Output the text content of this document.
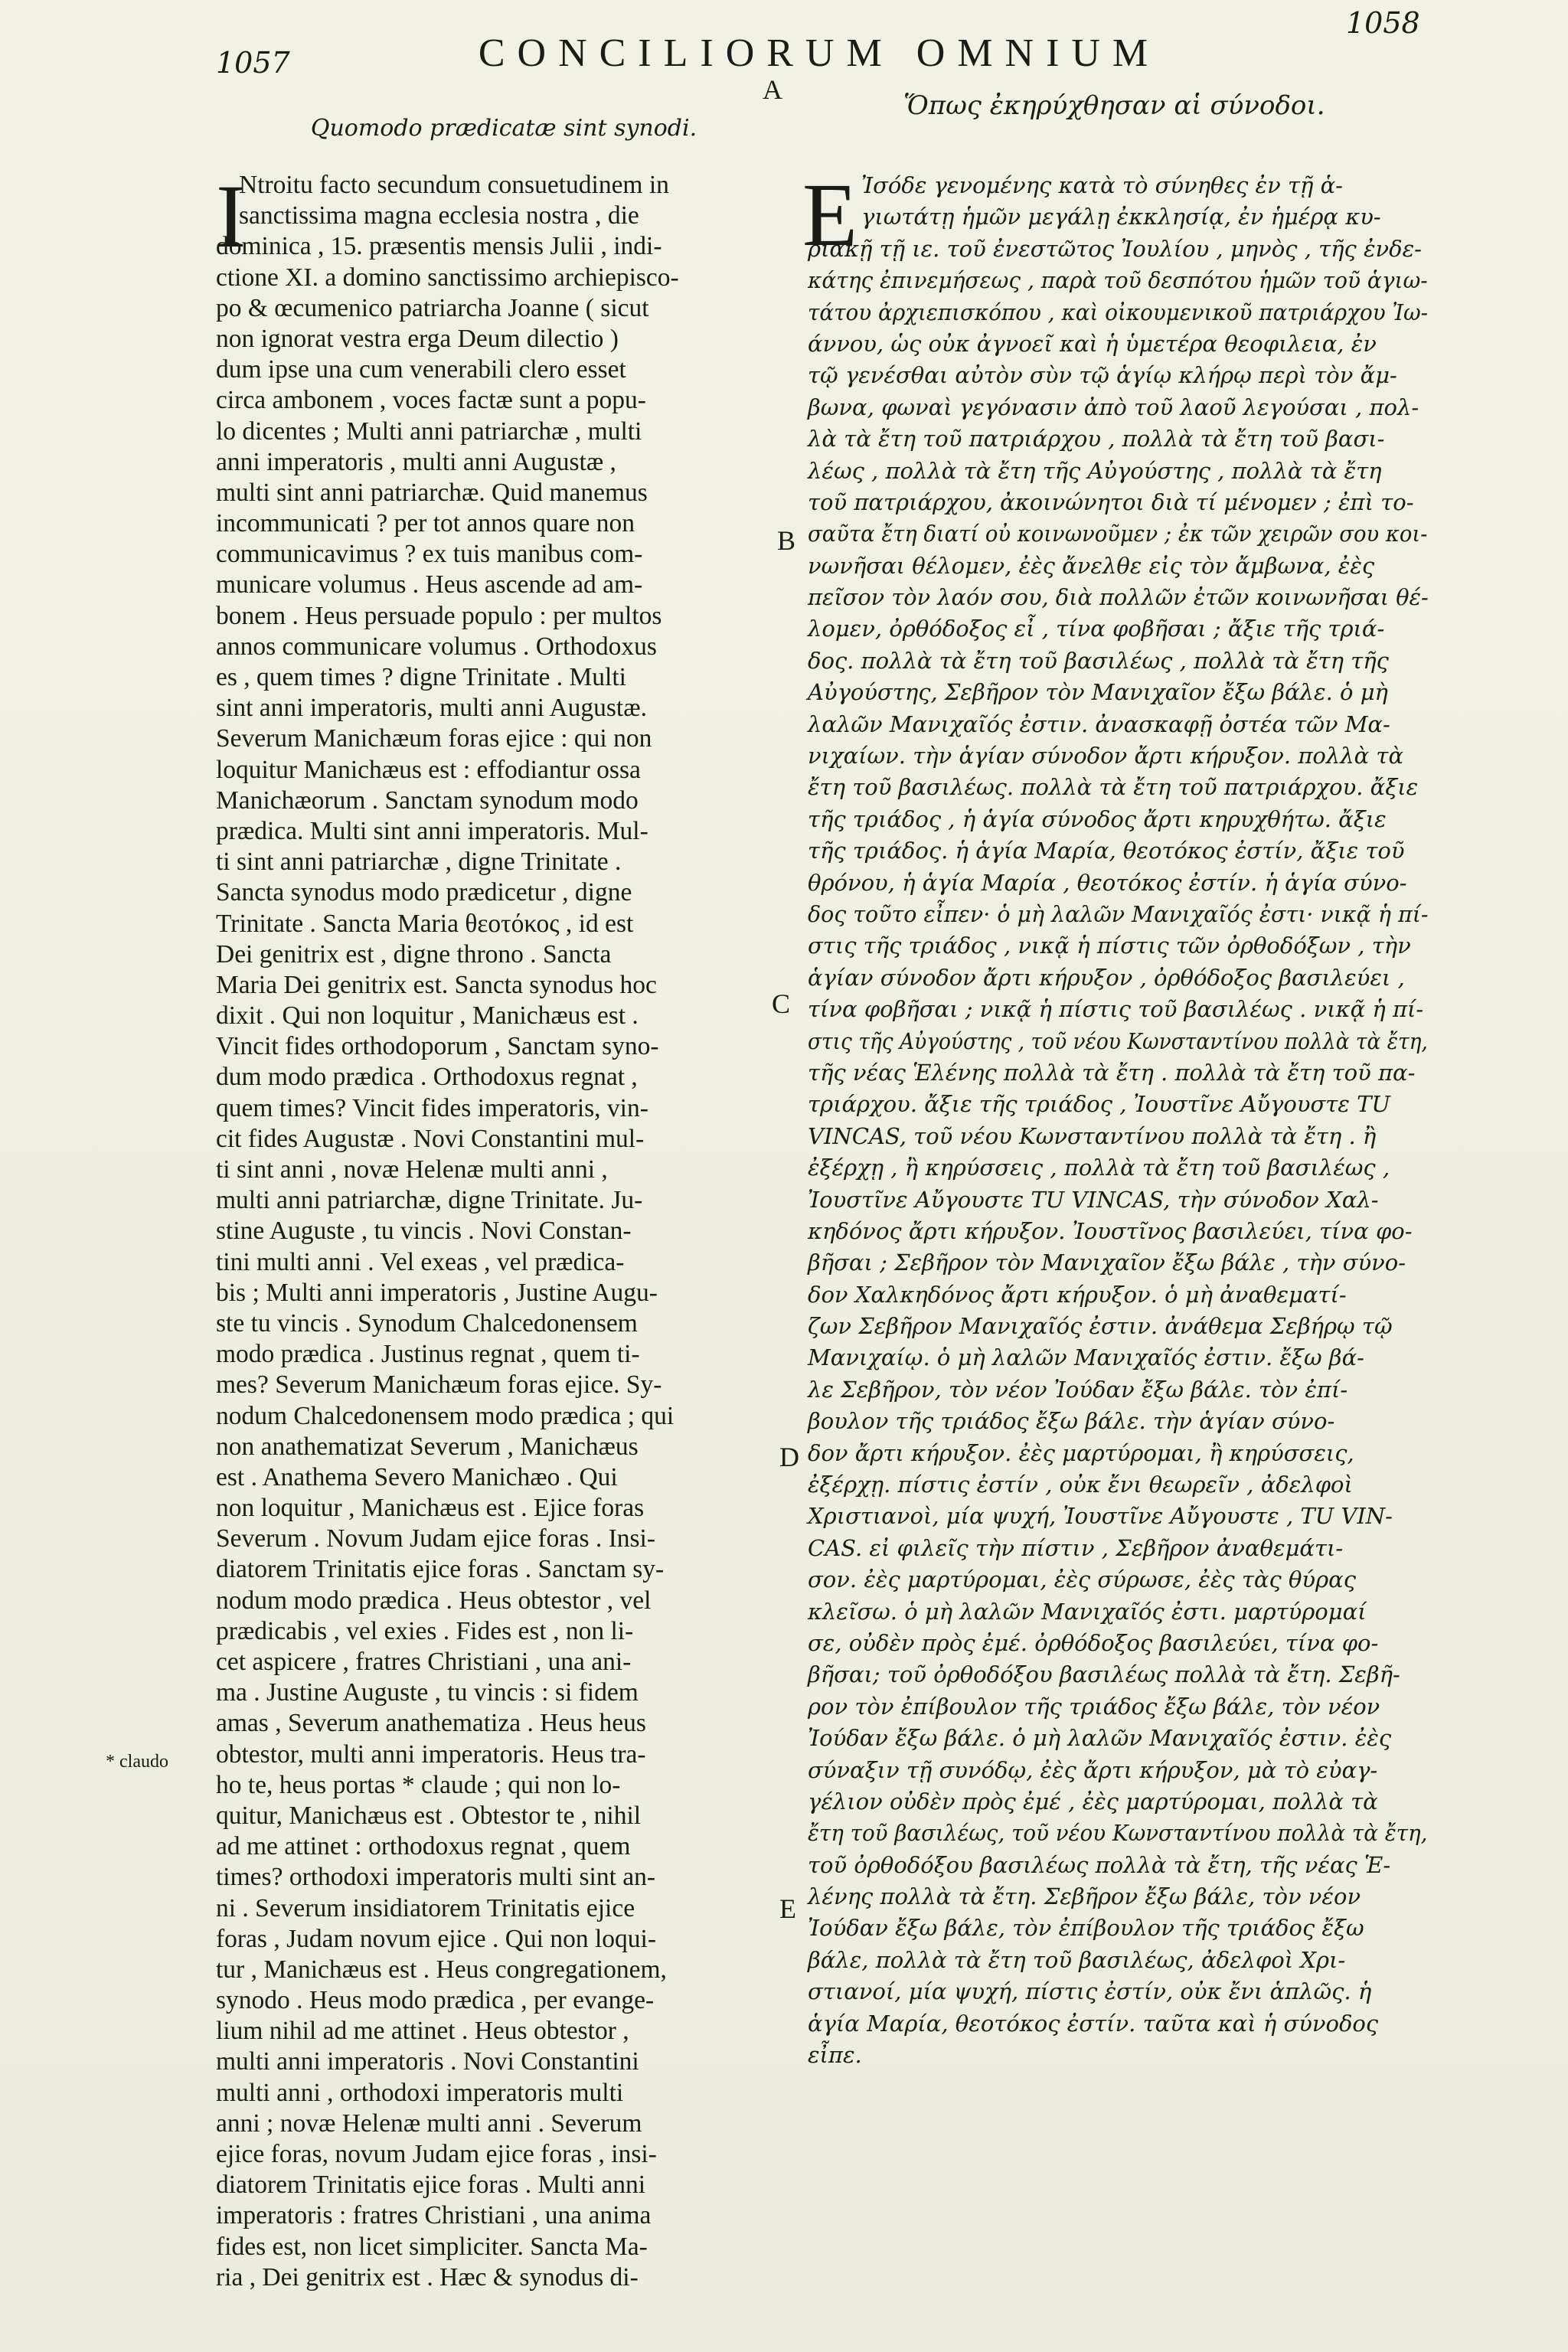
1057	CONCILIORUM OMNIUM
1058
A
Quomodo prædicatæ sint synodi.
Ὅπως ἐκηρύχθησαν αἱ σύνοδοι.
I	Ε
Ntroitu facto secundum consuetudinem in
sanctissima magna ecclesia nostra , die
dominica , 15. præsentis mensis Julii , indi-
ctione XI. a domino sanctissimo archiepisco-
po & œcumenico patriarcha Joanne ( sicut
non ignorat vestra erga Deum dilectio )
dum ipse una cum venerabili clero esset
circa ambonem , voces factæ sunt a popu-
lo dicentes ; Multi anni patriarchæ , multi
anni imperatoris , multi anni Augustæ ,
multi sint anni patriarchæ. Quid manemus
incommunicati ? per tot annos quare non
communicavimus ? ex tuis manibus com-
municare volumus . Heus ascende ad am-
bonem . Heus persuade populo : per multos
annos communicare volumus . Orthodoxus
es , quem times ? digne Trinitate . Multi
sint anni imperatoris, multi anni Augustæ.
Severum Manichæum foras ejice : qui non
loquitur Manichæus est : effodiantur ossa
Manichæorum . Sanctam synodum modo
prædica. Multi sint anni imperatoris. Mul-
ti sint anni patriarchæ , digne Trinitate .
Sancta synodus modo prædicetur , digne
Trinitate . Sancta Maria θεοτόκος , id est
Dei genitrix est , digne throno . Sancta
Maria Dei genitrix est. Sancta synodus hoc
dixit . Qui non loquitur , Manichæus est .
Vincit fides orthodoporum , Sanctam syno-
dum modo prædica . Orthodoxus regnat ,
quem times? Vincit fides imperatoris, vin-
cit fides Augustæ . Novi Constantini mul-
ti sint anni , novæ Helenæ multi anni ,
multi anni patriarchæ, digne Trinitate. Ju-
stine Auguste , tu vincis . Novi Constan-
tini multi anni . Vel exeas , vel prædica-
bis ; Multi anni imperatoris , Justine Augu-
ste tu vincis . Synodum Chalcedonensem
modo prædica . Justinus regnat , quem ti-
mes? Severum Manichæum foras ejice. Sy-
nodum Chalcedonensem modo prædica ; qui
non anathematizat Severum , Manichæus
est . Anathema Severo Manichæo . Qui
non loquitur , Manichæus est . Ejice foras
Severum . Novum Judam ejice foras . Insi-
diatorem Trinitatis ejice foras . Sanctam sy-
nodum modo prædica . Heus obtestor , vel
prædicabis , vel exies . Fides est , non li-
cet aspicere , fratres Christiani , una ani-
ma . Justine Auguste , tu vincis : si fidem
amas , Severum anathematiza . Heus heus
obtestor, multi anni imperatoris. Heus tra-
ho te, heus portas * claude ; qui non lo-
quitur, Manichæus est . Obtestor te , nihil
ad me attinet : orthodoxus regnat , quem
times? orthodoxi imperatoris multi sint an-
ni . Severum insidiatorem Trinitatis ejice
foras , Judam novum ejice . Qui non loqui-
tur , Manichæus est . Heus congregationem,
synodo . Heus modo prædica , per evange-
lium nihil ad me attinet . Heus obtestor ,
multi anni imperatoris . Novi Constantini
multi anni , orthodoxi imperatoris multi
anni ; novæ Helenæ multi anni . Severum
ejice foras, novum Judam ejice foras , insi-
diatorem Trinitatis ejice foras . Multi anni
imperatoris : fratres Christiani , una anima
fides est, non licet simpliciter. Sancta Ma-
ria , Dei genitrix est . Hæc & synodus di-
Ἰσόδε γενομένης κατὰ τὸ σύνηθες ἐν τῇ ἁ-
γιωτάτῃ ἡμῶν μεγάλῃ ἐκκλησίᾳ, ἐν ἡμέρᾳ κυ-
ριακῇ τῇ ιε. τοῦ ἐνεστῶτος Ἰουλίου , μηνὸς , τῆς ἐνδε-
κάτης ἐπινεμήσεως , παρὰ τοῦ δεσπότου ἡμῶν τοῦ ἁγιω-
τάτου ἀρχιεπισκόπου , καὶ οἰκουμενικοῦ πατριάρχου Ἰω-
άννου, ὡς οὐκ ἀγνοεῖ καὶ ἡ ὑμετέρα θεοφιλεια, ἐν
τῷ γενέσθαι αὐτὸν σὺν τῷ ἁγίῳ κλήρῳ περὶ τὸν ἄμ-
βωνα, φωναὶ γεγόνασιν ἀπὸ τοῦ λαοῦ λεγούσαι , πολ-
λὰ τὰ ἔτη τοῦ πατριάρχου , πολλὰ τὰ ἔτη τοῦ βασι-
λέως , πολλὰ τὰ ἔτη τῆς Αὐγούστης , πολλὰ τὰ ἔτη
τοῦ πατριάρχου, ἀκοινώνητοι διὰ τί μένομεν ; ἐπὶ το-
σαῦτα ἔτη διατί οὐ κοινωνοῦμεν ; ἐκ τῶν χειρῶν σου κοι-
νωνῆσαι θέλομεν, ἐὲς ἄνελθε εἰς τὸν ἄμβωνα, ἐὲς
πεῖσον τὸν λαόν σου, διὰ πολλῶν ἐτῶν κοινωνῆσαι θέ-
λομεν, ὀρθόδοξος εἶ , τίνα φοβῆσαι ; ἄξιε τῆς τριά-
δος. πολλὰ τὰ ἔτη τοῦ βασιλέως , πολλὰ τὰ ἔτη τῆς
Αὐγούστης, Σεβῆρον τὸν Μανιχαῖον ἔξω βάλε. ὁ μὴ
λαλῶν Μανιχαῖός ἐστιν. ἀνασκαφῇ ὀστέα τῶν Μα-
νιχαίων. τὴν ἁγίαν σύνοδον ἄρτι κήρυξον. πολλὰ τὰ
ἔτη τοῦ βασιλέως. πολλὰ τὰ ἔτη τοῦ πατριάρχου. ἄξιε
τῆς τριάδος , ἡ ἁγία σύνοδος ἄρτι κηρυχθήτω. ἄξιε
τῆς τριάδος. ἡ ἁγία Μαρία, θεοτόκος ἐστίν, ἄξιε τοῦ
θρόνου, ἡ ἁγία Μαρία , θεοτόκος ἐστίν. ἡ ἁγία σύνο-
δος τοῦτο εἶπεν· ὁ μὴ λαλῶν Μανιχαῖός ἐστι· νικᾷ ἡ πί-
στις τῆς τριάδος , νικᾷ ἡ πίστις τῶν ὀρθοδόξων , τὴν
ἁγίαν σύνοδον ἄρτι κήρυξον , ὀρθόδοξος βασιλεύει ,
τίνα φοβῆσαι ; νικᾷ ἡ πίστις τοῦ βασιλέως . νικᾷ ἡ πί-
στις τῆς Αὐγούστης , τοῦ νέου Κωνσταντίνου πολλὰ τὰ ἔτη,
τῆς νέας Ἑλένης πολλὰ τὰ ἔτη . πολλὰ τὰ ἔτη τοῦ πα-
τριάρχου. ἄξιε τῆς τριάδος , Ἰουστῖνε Αὔγουστε TU
VINCAS, τοῦ νέου Κωνσταντίνου πολλὰ τὰ ἔτη . ἢ
ἐξέρχῃ , ἢ κηρύσσεις , πολλὰ τὰ ἔτη τοῦ βασιλέως ,
Ἰουστῖνε Αὔγουστε TU VINCAS, τὴν σύνοδον Χαλ-
κηδόνος ἄρτι κήρυξον. Ἰουστῖνος βασιλεύει, τίνα φο-
βῆσαι ; Σεβῆρον τὸν Μανιχαῖον ἔξω βάλε , τὴν σύνο-
δον Χαλκηδόνος ἄρτι κήρυξον. ὁ μὴ ἀναθεματί-
ζων Σεβῆρον Μανιχαῖός ἐστιν. ἀνάθεμα Σεβήρῳ τῷ
Μανιχαίῳ. ὁ μὴ λαλῶν Μανιχαῖός ἐστιν. ἔξω βά-
λε Σεβῆρον, τὸν νέον Ἰούδαν ἔξω βάλε. τὸν ἐπί-
βουλον τῆς τριάδος ἔξω βάλε. τὴν ἁγίαν σύνο-
δον ἄρτι κήρυξον. ἐὲς μαρτύρομαι, ἢ κηρύσσεις,
ἐξέρχῃ. πίστις ἐστίν , οὐκ ἔνι θεωρεῖν , ἀδελφοὶ
Χριστιανοὶ, μία ψυχή, Ἰουστῖνε Αὔγουστε , TU VIN-
CAS. εἰ φιλεῖς τὴν πίστιν , Σεβῆρον ἀναθεμάτι-
σον. ἐὲς μαρτύρομαι, ἐὲς σύρωσε, ἐὲς τὰς θύρας
κλεῖσω. ὁ μὴ λαλῶν Μανιχαῖός ἐστι. μαρτύρομαί
σε, οὐδὲν πρὸς ἐμέ. ὀρθόδοξος βασιλεύει, τίνα φο-
βῆσαι; τοῦ ὀρθοδόξου βασιλέως πολλὰ τὰ ἔτη. Σεβῆ-
ρον τὸν ἐπίβουλον τῆς τριάδος ἔξω βάλε, τὸν νέον
Ἰούδαν ἔξω βάλε. ὁ μὴ λαλῶν Μανιχαῖός ἐστιν. ἐὲς
σύναξιν τῇ συνόδῳ, ἐὲς ἄρτι κήρυξον, μὰ τὸ εὐαγ-
γέλιον οὐδὲν πρὸς ἐμέ , ἐὲς μαρτύρομαι, πολλὰ τὰ
ἔτη τοῦ βασιλέως, τοῦ νέου Κωνσταντίνου πολλὰ τὰ ἔτη,
τοῦ ὀρθοδόξου βασιλέως πολλὰ τὰ ἔτη, τῆς νέας Ἑ-
λένης πολλὰ τὰ ἔτη. Σεβῆρον ἔξω βάλε, τὸν νέον
Ἰούδαν ἔξω βάλε, τὸν ἐπίβουλον τῆς τριάδος ἔξω
βάλε, πολλὰ τὰ ἔτη τοῦ βασιλέως, ἀδελφοὶ Χρι-
στιανοί, μία ψυχή, πίστις ἐστίν, οὐκ ἔνι ἁπλῶς. ἡ
ἁγία Μαρία, θεοτόκος ἐστίν. ταῦτα καὶ ἡ σύνοδος
εἶπε.
B
C
D
E
* claudo
